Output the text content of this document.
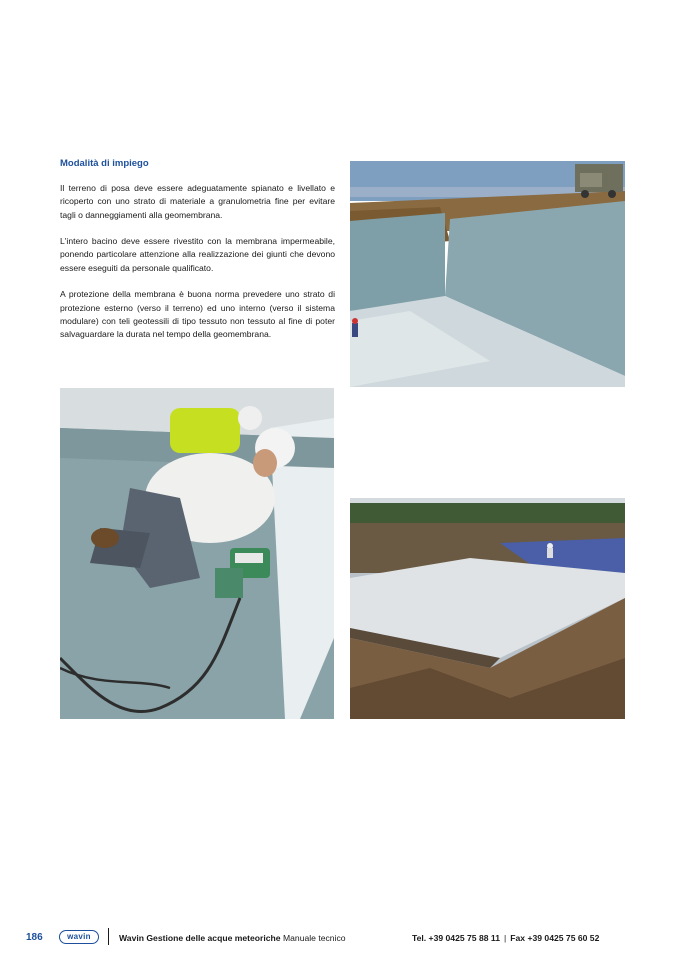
Modalità di impiego

Il terreno di posa deve essere adeguatamente spianato e livellato e ricoperto con uno strato di materiale a granulometria fine per evitare tagli o danneggiamenti alla geomembrana.

L'intero bacino deve essere rivestito con la membrana impermeabile, ponendo particolare attenzione alla realizzazione dei giunti che devono essere eseguiti da personale qualificato.

A protezione della membrana è buona norma prevedere uno strato di protezione esterno (verso il terreno) ed uno interno (verso il sistema modulare) con teli geotessili di tipo tessuto non tessuto al fine di poter salvaguardare la durata nel tempo della geomembrana.

186	wavin	Wavin Gestione delle acque meteoriche Manuale tecnico	Tel. +39 0425 75 88 11 | Fax +39 0425 75 60 52
